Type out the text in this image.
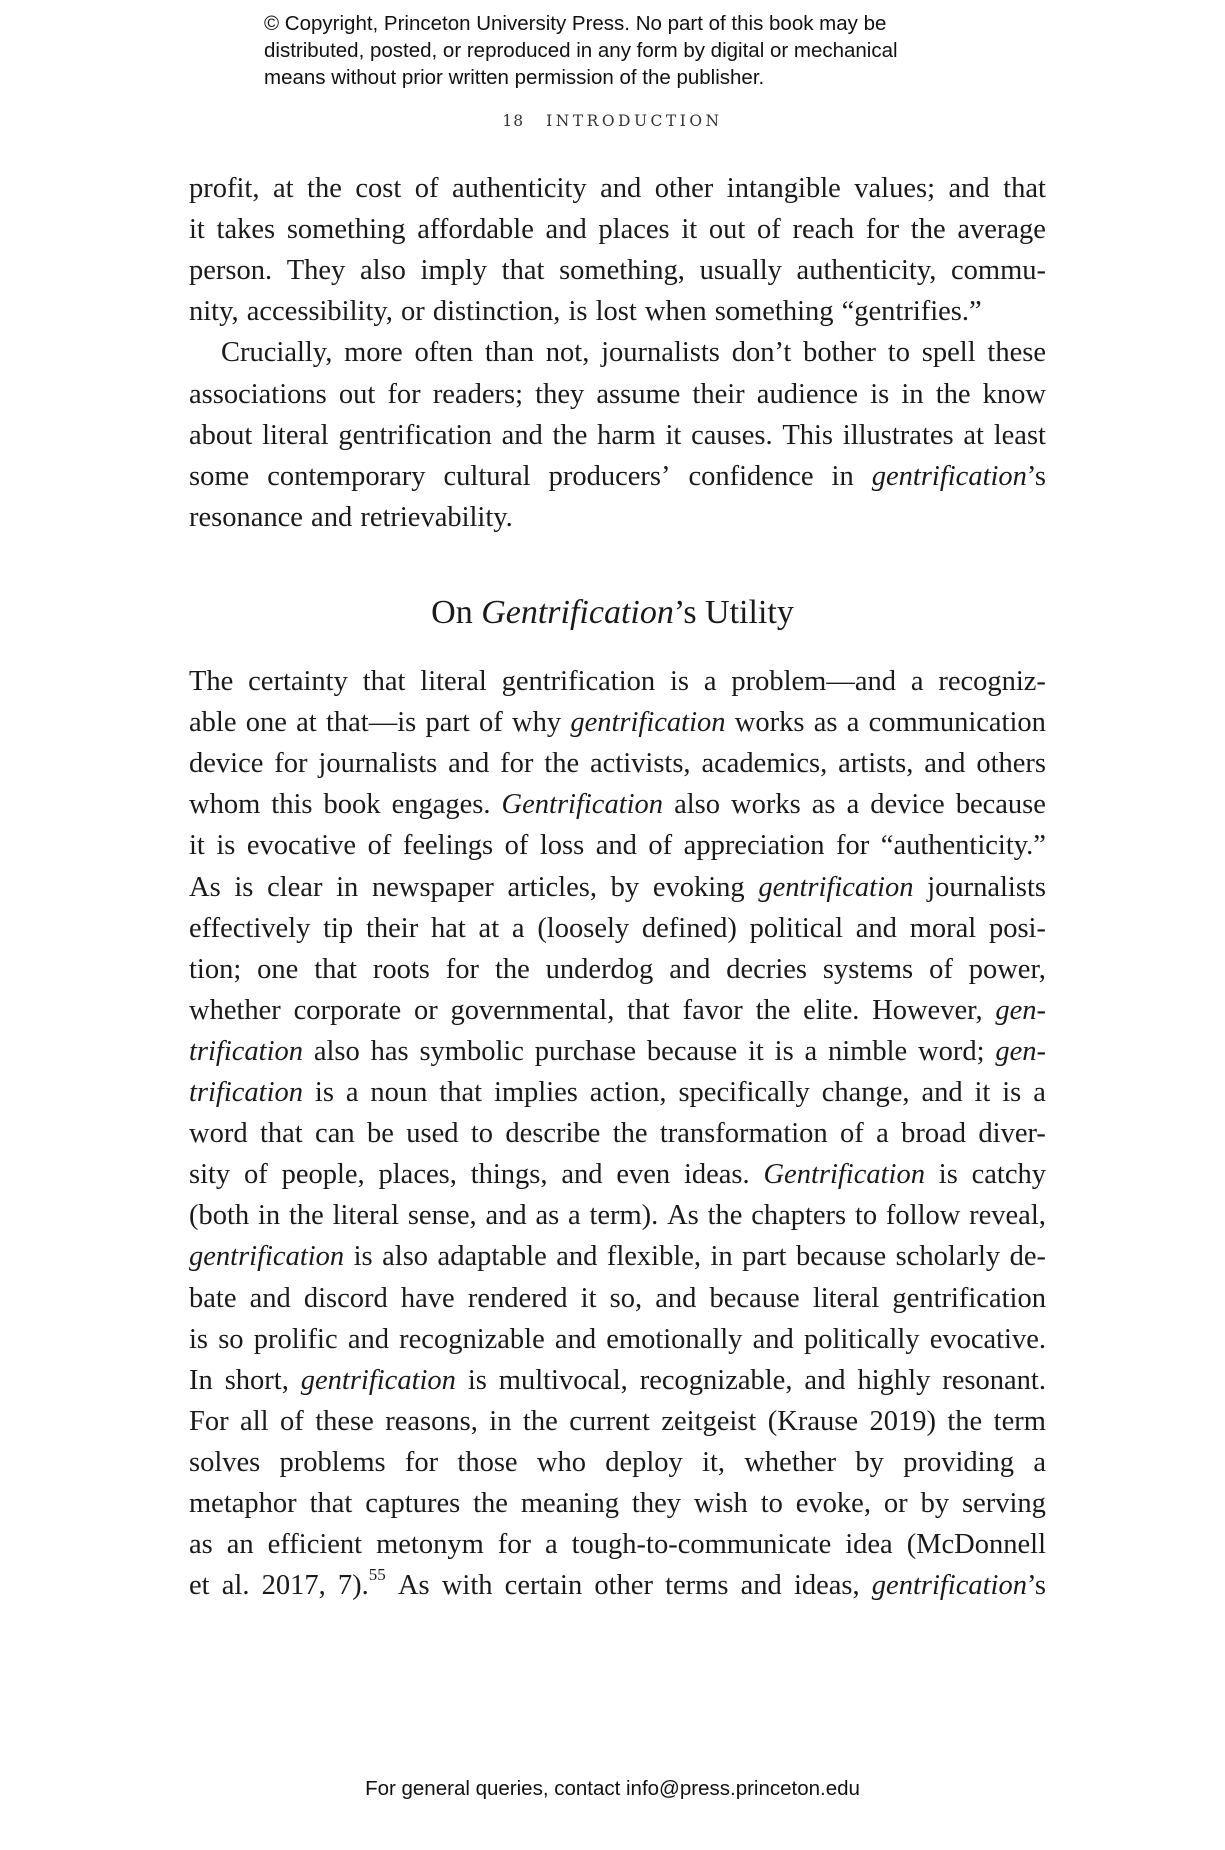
© Copyright, Princeton University Press. No part of this book may be
distributed, posted, or reproduced in any form by digital or mechanical
means without prior written permission of the publisher.
18 INTRODUCTION
profit, at the cost of authenticity and other intangible values; and that
it takes something affordable and places it out of reach for the average
person. They also imply that something, usually authenticity, commu-
nity, accessibility, or distinction, is lost when something “gentrifies.”
Crucially, more often than not, journalists don’t bother to spell these
associations out for readers; they assume their audience is in the know
about literal gentrification and the harm it causes. This illustrates at least
some contemporary cultural producers’ confidence in gentrification’s
resonance and retrievability.
On Gentrification’s Utility
The certainty that literal gentrification is a problem—and a recogniz-
able one at that—is part of why gentrification works as a communication
device for journalists and for the activists, academics, artists, and others
whom this book engages. Gentrification also works as a device because
it is evocative of feelings of loss and of appreciation for “authenticity.”
As is clear in newspaper articles, by evoking gentrification journalists
effectively tip their hat at a (loosely defined) political and moral posi-
tion; one that roots for the underdog and decries systems of power,
whether corporate or governmental, that favor the elite. However, gen-
trification also has symbolic purchase because it is a nimble word; gen-
trification is a noun that implies action, specifically change, and it is a
word that can be used to describe the transformation of a broad diver-
sity of people, places, things, and even ideas. Gentrification is catchy
(both in the literal sense, and as a term). As the chapters to follow reveal,
gentrification is also adaptable and flexible, in part because scholarly de-
bate and discord have rendered it so, and because literal gentrification
is so prolific and recognizable and emotionally and politically evocative.
In short, gentrification is multivocal, recognizable, and highly resonant.
For all of these reasons, in the current zeitgeist (Krause 2019) the term
solves problems for those who deploy it, whether by providing a
metaphor that captures the meaning they wish to evoke, or by serving
as an efficient metonym for a tough-to-communicate idea (McDonnell
et al. 2017, 7).$^{55}$ As with certain other terms and ideas, gentrification’s
For general queries, contact info@press.princeton.edu
